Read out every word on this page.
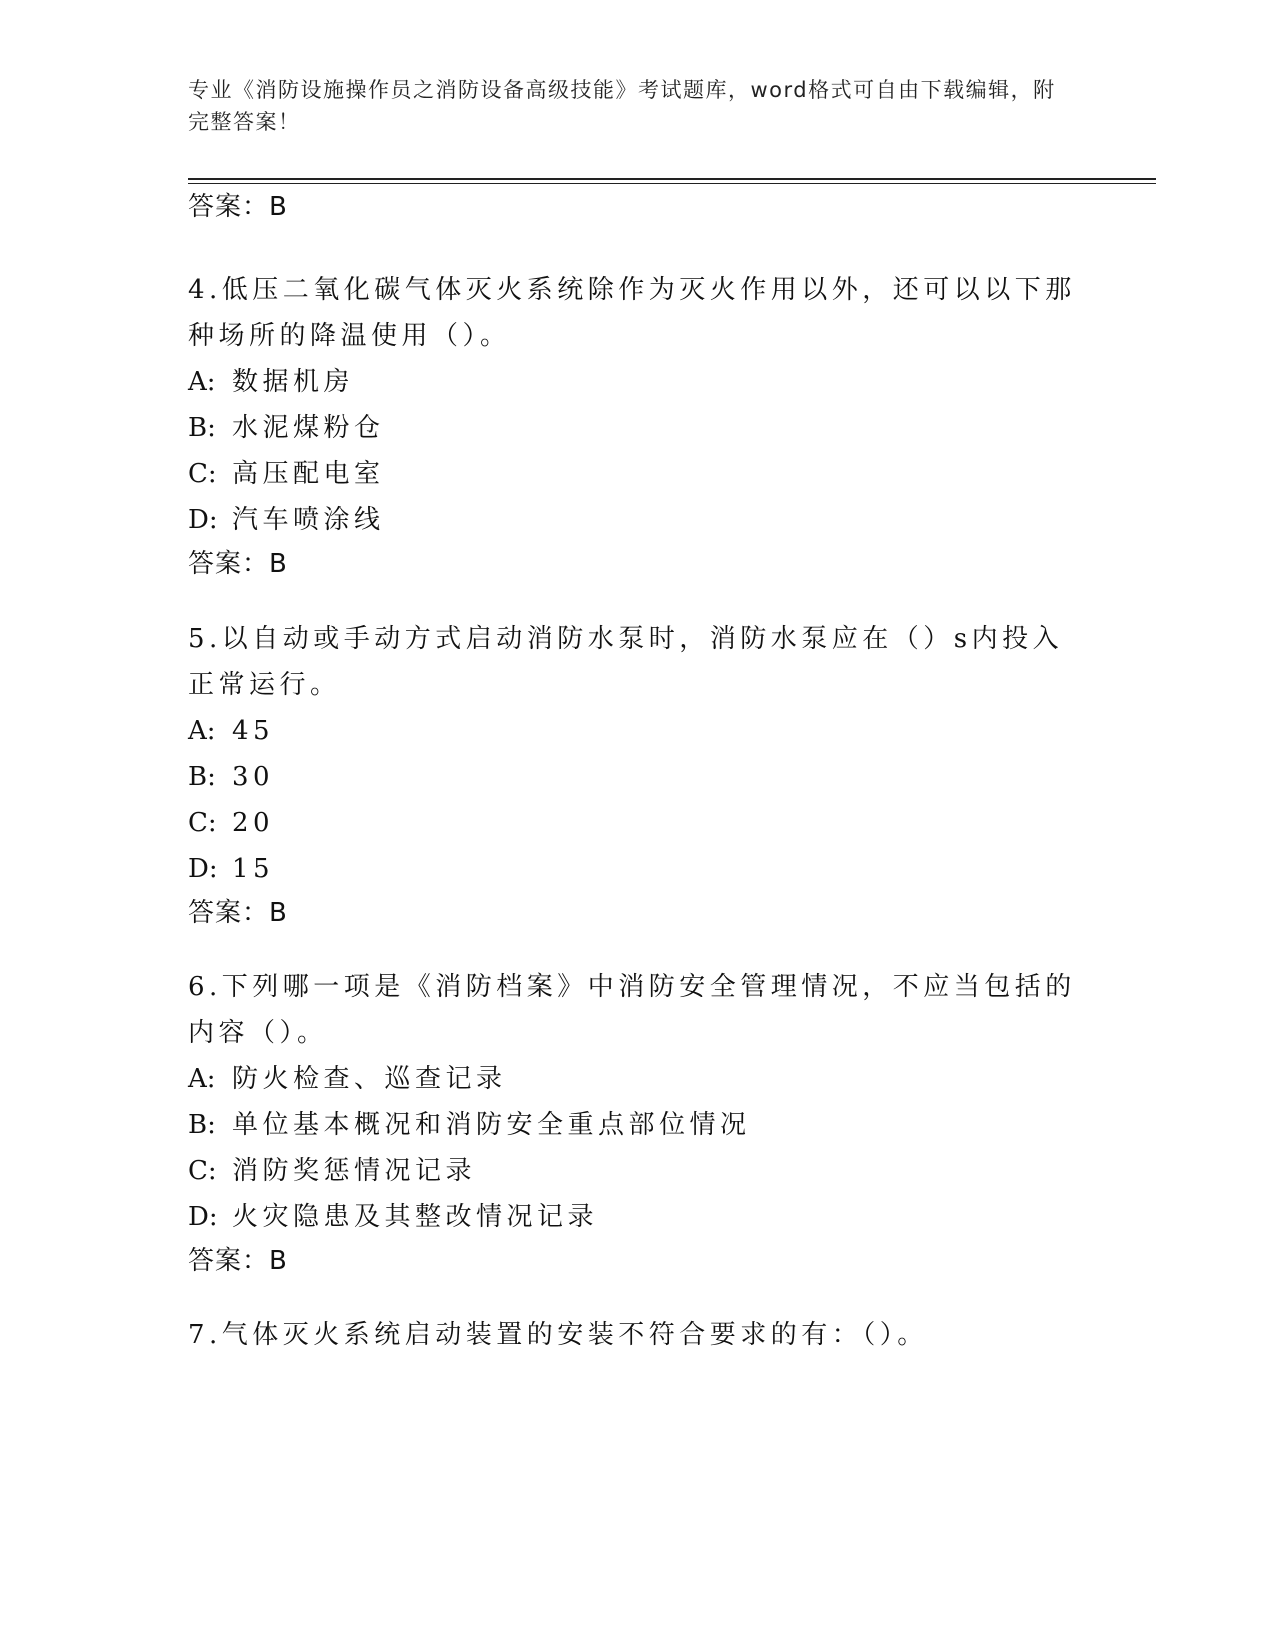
专业《消防设施操作员之消防设备高级技能》考试题库，word格式可自由下载编辑，附完整答案！
答案：B
4.低压二氧化碳气体灭火系统除作为灭火作用以外，还可以以下那种场所的降温使用（）。
A: 数据机房
B: 水泥煤粉仓
C: 高压配电室
D: 汽车喷涂线
答案：B
5.以自动或手动方式启动消防水泵时，消防水泵应在（）s内投入正常运行。
A: 45
B: 30
C: 20
D: 15
答案：B
6.下列哪一项是《消防档案》中消防安全管理情况，不应当包括的内容（）。
A: 防火检查、巡查记录
B: 单位基本概况和消防安全重点部位情况
C: 消防奖惩情况记录
D: 火灾隐患及其整改情况记录
答案：B
7.气体灭火系统启动装置的安装不符合要求的有：（）。
